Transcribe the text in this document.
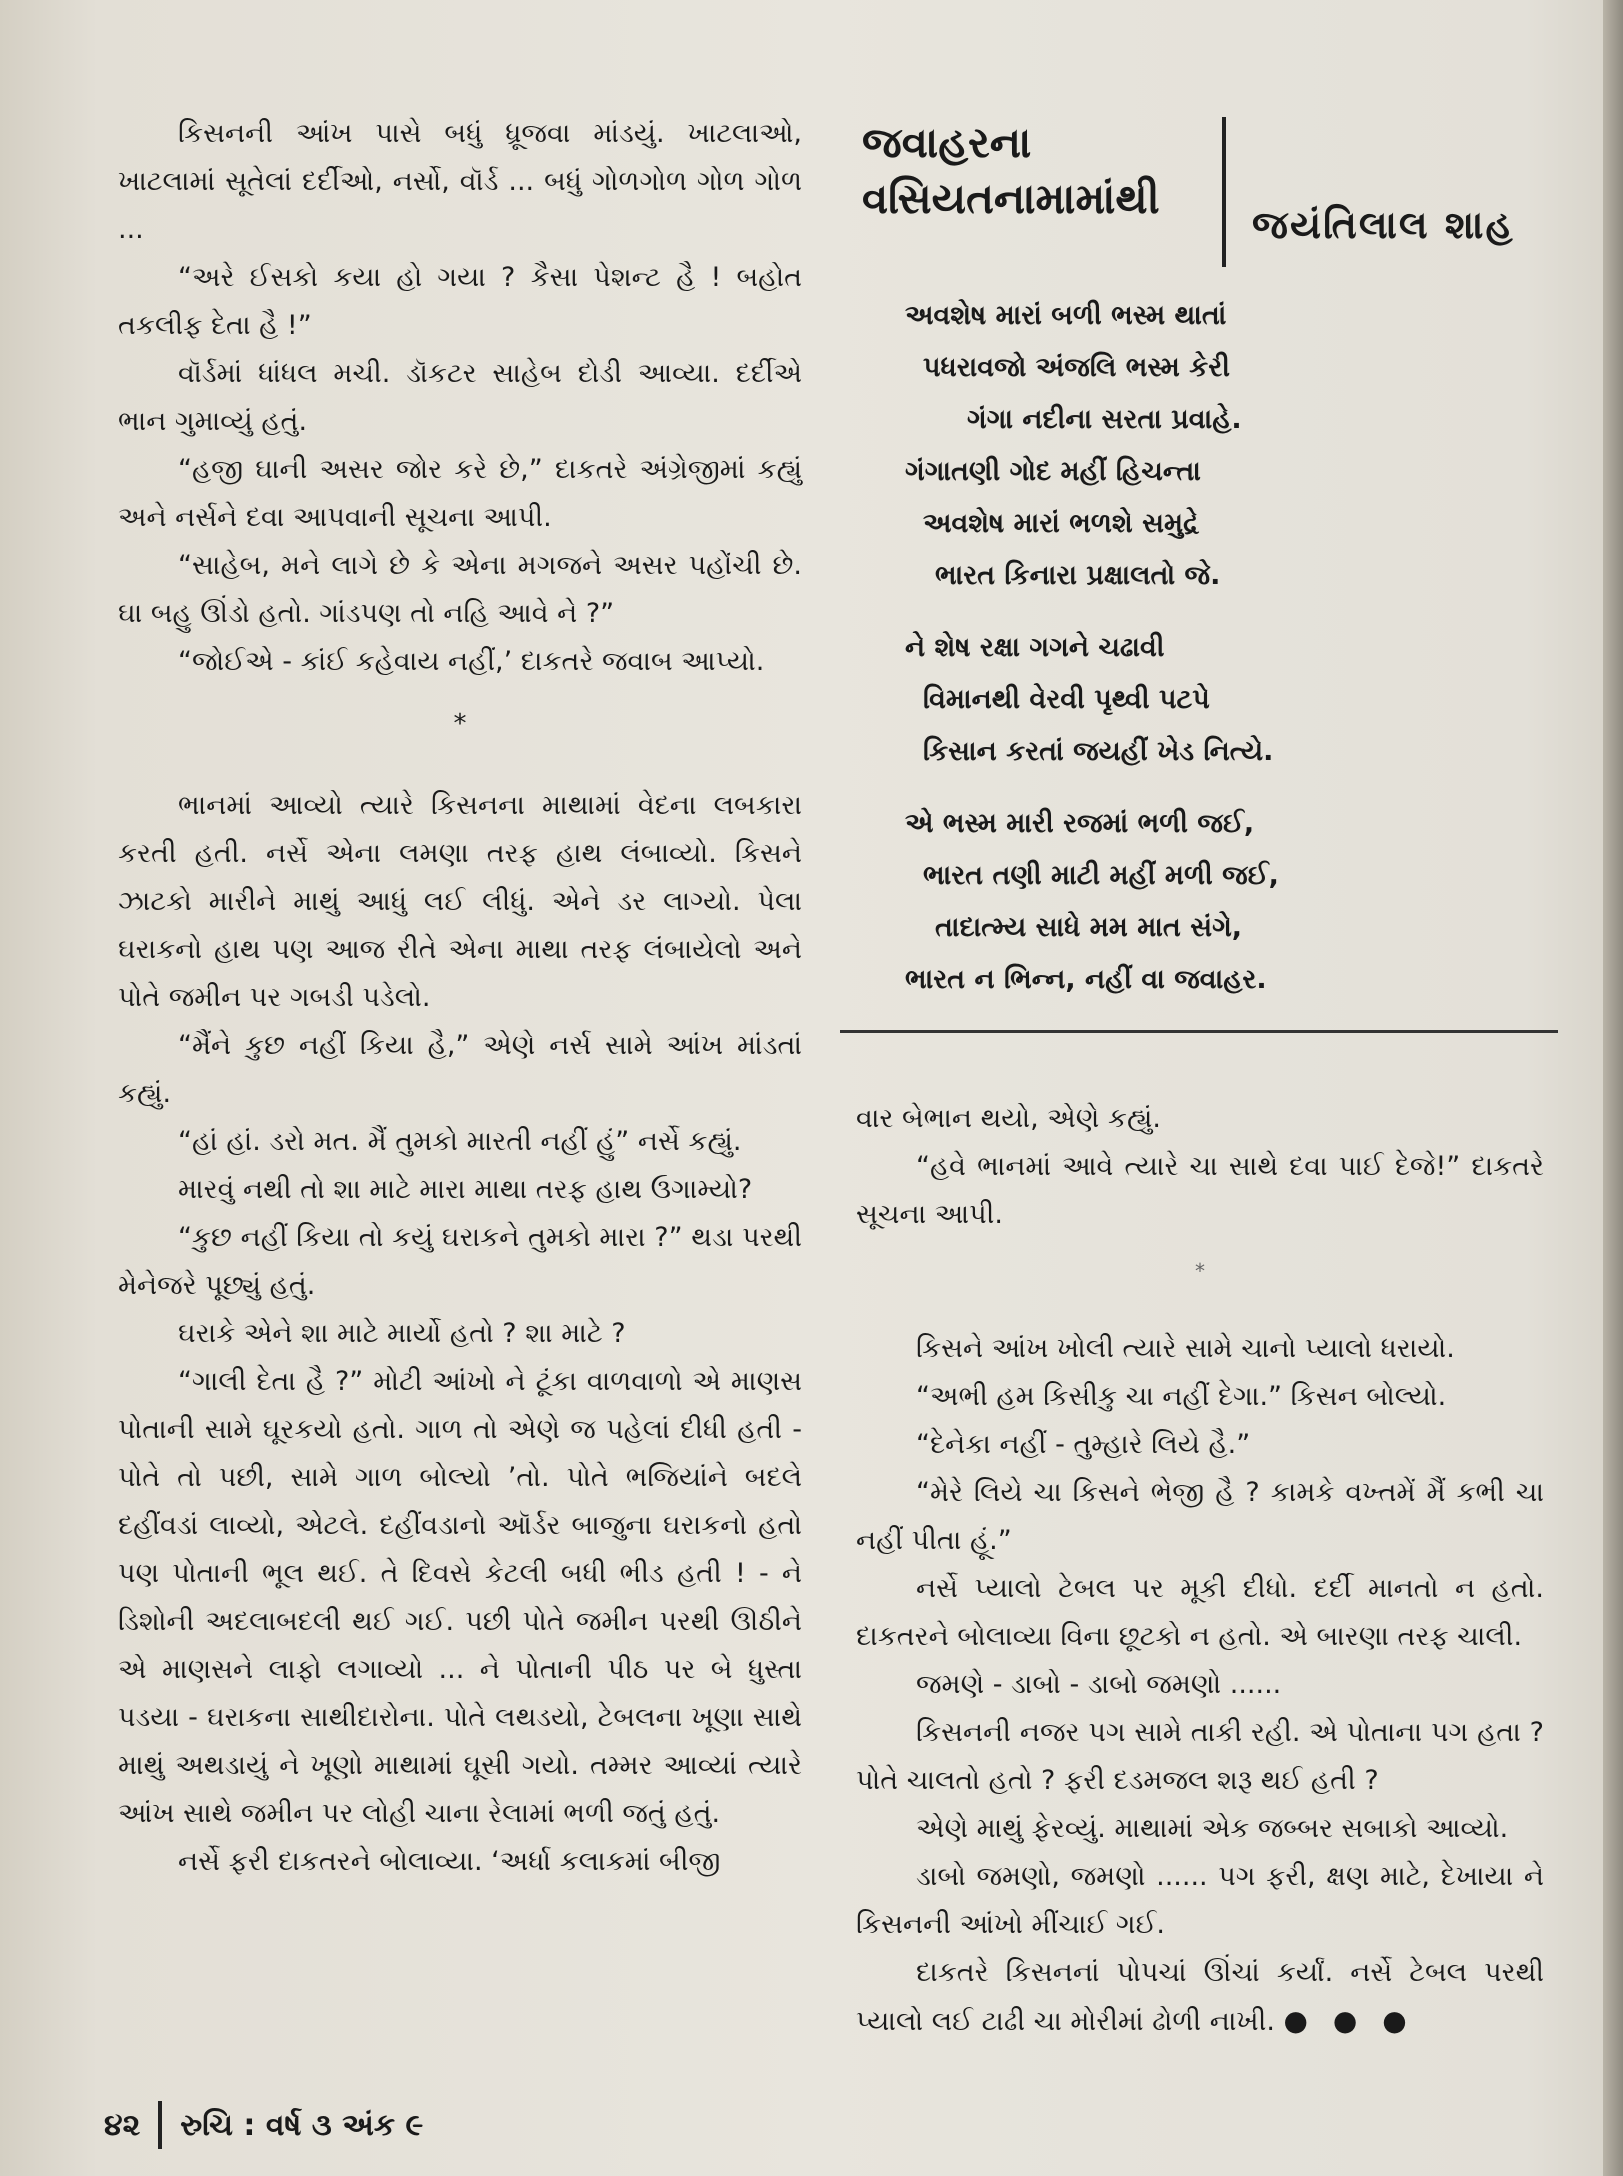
કિસનની આંખ પાસે બધું ધ્રૂજવા માંડયું. ખાટલાઓ, ખાટલામાં સૂતેલાં દર્દીઓ, નર્સો, વૉર્ડ ... બધું ગોળગોળ ગોળ ગોળ ...

“અરે ઈસકો કયા હો ગયા ? કૈસા પેશન્ટ હૈ ! બહોત તકલીફ દેતા હૈ !”

વૉર્ડમાં ધાંધલ મચી. ડૉકટર સાહેબ દોડી આવ્યા. દર્દીએ ભાન ગુમાવ્યું હતું.

“હજી ઘાની અસર જોર કરે છે,” દાકતરે અંગ્રેજીમાં કહ્યું અને નર્સને દવા આપવાની સૂચના આપી.

“સાહેબ, મને લાગે છે કે એના મગજને અસર પહોંચી છે. ઘા બહુ ઊંડો હતો. ગાંડપણ તો નહિ આવે ને ?”

“જોઈએ - કાંઈ કહેવાય નહીં,’ દાકતરે જવાબ આપ્યો.

*

ભાનમાં આવ્યો ત્યારે કિસનના માથામાં વેદના લબકારા કરતી હતી. નર્સે એના લમણા તરફ હાથ લંબાવ્યો. કિસને ઝાટકો મારીને માથું આધું લઈ લીધું. એને ડર લાગ્યો. પેલા ઘરાકનો હાથ પણ આજ રીતે એના માથા તરફ લંબાયેલો અને પોતે જમીન પર ગબડી પડેલો.

“મૈંને કુછ નહીં કિયા હૈ,” એણે નર્સ સામે આંખ માંડતાં કહ્યું.

“હાં હાં. ડરો મત. મૈં તુમકો મારતી નહીં હું” નર્સે કહ્યું.

મારવું નથી તો શા માટે મારા માથા તરફ હાથ ઉગામ્યો?

“કુછ નહીં કિયા તો કયું ઘરાકને તુમકો મારા ?” થડા પરથી મેનેજરે પૂછ્યું હતું.

ઘરાકે એને શા માટે માર્યો હતો ? શા માટે ?

“ગાલી દેતા હૈ ?” મોટી આંખો ને ટૂંકા વાળવાળો એ માણસ પોતાની સામે ઘૂરકયો હતો. ગાળ તો એણે જ પહેલાં દીધી હતી - પોતે તો પછી, સામે ગાળ બોલ્યો ’તો. પોતે ભજિયાંને બદલે દહીંવડાં લાવ્યો, એટલે. દહીંવડાનો ઑર્ડર બાજુના ઘરાકનો હતો પણ પોતાની ભૂલ થઈ. તે દિવસે કેટલી બધી ભીડ હતી ! - ને ડિશોની અદલાબદલી થઈ ગઈ. પછી પોતે જમીન પરથી ઊઠીને એ માણસને લાફો લગાવ્યો ... ને પોતાની પીઠ પર બે ધુસ્તા પડયા - ઘરાકના સાથીદારોના. પોતે લથડયો, ટેબલના ખૂણા સાથે માથું અથડાયું ને ખૂણો માથામાં ઘૂસી ગયો. તમ્મર આવ્યાં ત્યારે આંખ સાથે જમીન પર લોહી ચાના રેલામાં ભળી જતું હતું.

નર્સે ફરી દાકતરને બોલાવ્યા. ‘અર્ધા કલાકમાં બીજી

જવાહરના
વસિયતનામામાંથી
જયંતિલાલ શાહ
અવશેષ મારાં બળી ભસ્મ થાતાં
પધરાવજો અંજલિ ભસ્મ કેરી
ગંગા નદીના સરતા પ્રવાહે.
ગંગાતણી ગોદ મહીં હિચન્તા
અવશેષ મારાં ભળશે સમુદ્રે
ભારત કિનારા પ્રક્ષાલતો જે.
ને શેષ રક્ષા ગગને ચઢાવી
વિમાનથી વેરવી પૃથ્વી પટપે
કિસાન કરતાં જયહીં ખેડ નિત્યે.
એ ભસ્મ મારી રજમાં ભળી જઈ,
ભારત તણી માટી મહીં મળી જઈ,
તાદાત્મ્ય સાધે મમ માત સંગે,
ભારત ન ભિન્ન, નહીં વા જવાહર.

વાર બેભાન થયો, એણે કહ્યું.

“હવે ભાનમાં આવે ત્યારે ચા સાથે દવા પાઈ દેજે!” દાકતરે સૂચના આપી.

*

કિસને આંખ ખોલી ત્યારે સામે ચાનો પ્યાલો ધરાયો.

“અભી હમ કિસીકુ ચા નહીં દેગા.” કિસન બોલ્યો.

“દેનેકા નહીં - તુમ્હારે લિયે હૈ.”

“મેરે લિયે ચા કિસને ભેજી હૈ ? કામકે વખ્તમેં મૈં કભી ચા નહીં પીતા હૂં.”

નર્સે પ્યાલો ટેબલ પર મૂકી દીધો. દર્દી માનતો ન હતો. દાકતરને બોલાવ્યા વિના છૂટકો ન હતો. એ બારણા તરફ ચાલી.

જમણે - ડાબો - ડાબો જમણો ......

કિસનની નજર પગ સામે તાકી રહી. એ પોતાના પગ હતા ? પોતે ચાલતો હતો ? ફરી દડમજલ શરૂ થઈ હતી ?

એણે માથું ફેરવ્યું. માથામાં એક જબ્બર સબાકો આવ્યો.

ડાબો જમણો, જમણો ...... પગ ફરી, ક્ષણ માટે, દેખાયા ને કિસનની આંખો મીંચાઈ ગઈ.

દાકતરે કિસનનાં પોપચાં ઊંચાં કર્યાં. નર્સે ટેબલ પરથી પ્યાલો લઈ ટાઢી ચા મોરીમાં ઢોળી નાખી. ● ● ●

૪૨ રુચિ : વર્ષ ૩ અંક ૯
